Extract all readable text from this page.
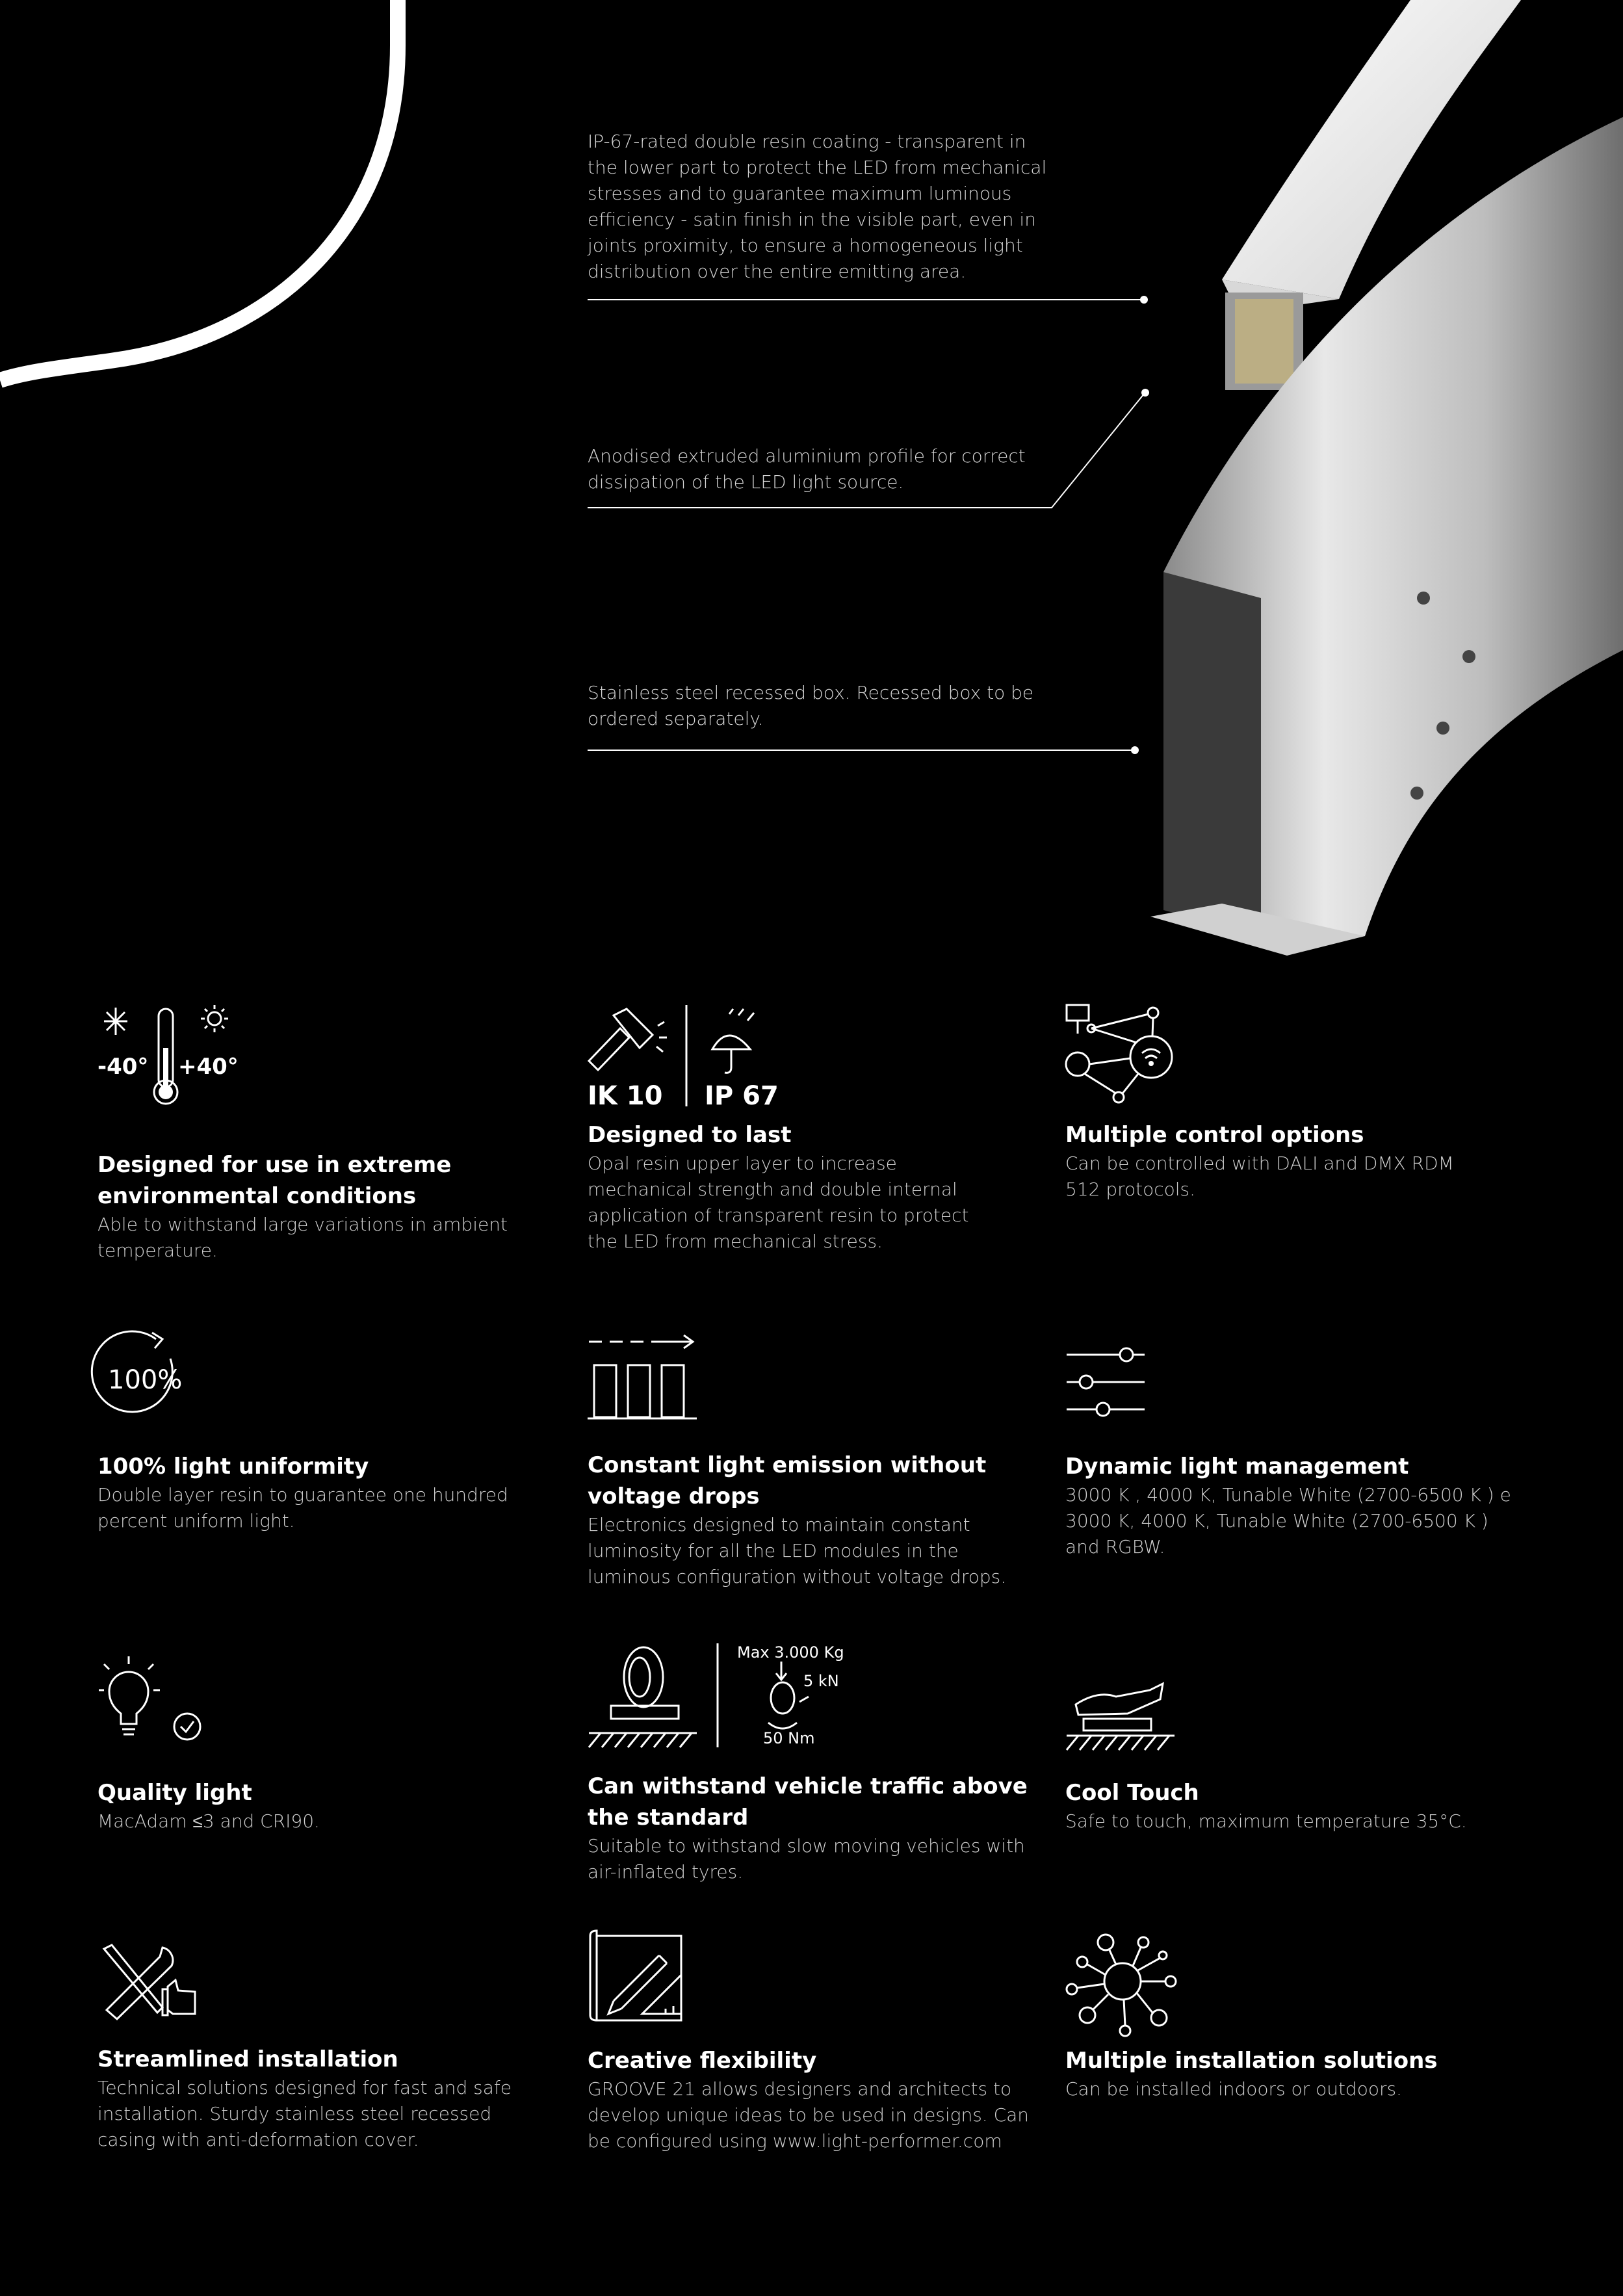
IP-67-rated double resin coating - transparent in the lower part to protect the LED from mechanical stresses and to guarantee maximum luminous efficiency - satin finish in the visible part, even in joints proximity, to ensure a homogeneous light distribution over the entire emitting area.
Anodised extruded aluminium profile for correct dissipation of the LED light source.
Stainless steel recessed box. Recessed box to be ordered separately.
-40° +40°
Designed for use in extreme environmental conditions

Able to withstand large variations in ambient temperature.

IK 10 IP 67
Designed to last

Opal resin upper layer to increase mechanical strength and double internal application of transparent resin to protect the LED from mechanical stress.

Multiple control options

Can be controlled with DALI and DMX RDM 512 protocols.

100%
100% light uniformity

Double layer resin to guarantee one hundred percent uniform light.

Constant light emission without voltage drops

Electronics designed to maintain constant luminosity for all the LED modules in the luminous configuration without voltage drops.

Dynamic light management

3000 K , 4000 K, Tunable White (2700-6500 K ) e 3000 K, 4000 K, Tunable White (2700-6500 K ) and RGBW.

Quality light

MacAdam ≤3 and CRI90.

Max 3.000 Kg
5 kN
50 Nm
Can withstand vehicle traffic above the standard

Suitable to withstand slow moving vehicles with air-inflated tyres.

Cool Touch

Safe to touch, maximum temperature 35°C.

Streamlined installation

Technical solutions designed for fast and safe installation. Sturdy stainless steel recessed casing with anti-deformation cover.

Creative flexibility

GROOVE 21 allows designers and architects to develop unique ideas to be used in designs. Can be configured using www.light-performer.com

Multiple installation solutions

Can be installed indoors or outdoors.
